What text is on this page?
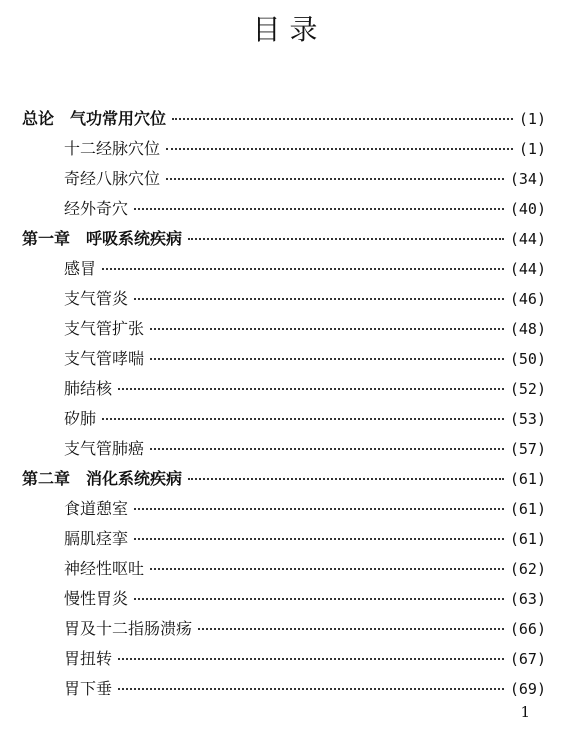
目 录
总论　气功常用穴位	(1)
十二经脉穴位	(1)
奇经八脉穴位	(34)
经外奇穴	(40)
第一章　呼吸系统疾病	(44)
感冒	(44)
支气管炎	(46)
支气管扩张	(48)
支气管哮喘	(50)
肺结核	(52)
矽肺	(53)
支气管肺癌	(57)
第二章　消化系统疾病	(61)
食道憩室	(61)
膈肌痉挛	(61)
神经性呕吐	(62)
慢性胃炎	(63)
胃及十二指肠溃疡	(66)
胃扭转	(67)
胃下垂	(69)
1
